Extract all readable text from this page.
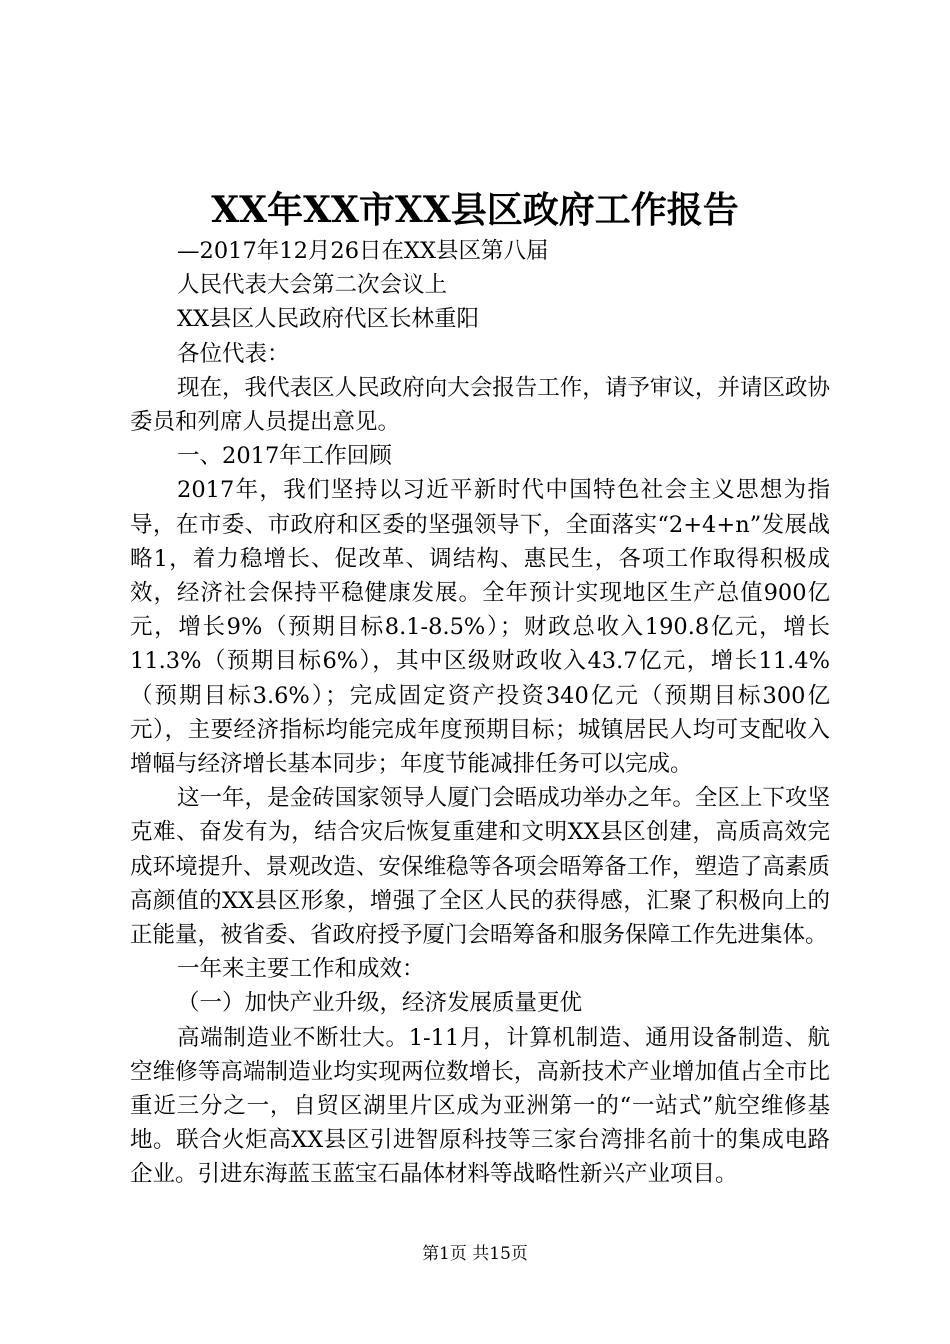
XX年XX市XX县区政府工作报告

—2017年12月26日在XX县区第八届

人民代表大会第二次会议上

XX县区人民政府代区长林重阳

各位代表：

现在，我代表区人民政府向大会报告工作，请予审议，并请区政协委员和列席人员提出意见。

一、2017年工作回顾

2017年，我们坚持以习近平新时代中国特色社会主义思想为指导，在市委、市政府和区委的坚强领导下，全面落实“2+4+n”发展战略1，着力稳增长、促改革、调结构、惠民生，各项工作取得积极成效，经济社会保持平稳健康发展。全年预计实现地区生产总值900亿元，增长9%（预期目标8.1-8.5%）；财政总收入190.8亿元，增长11.3%（预期目标6%），其中区级财政收入43.7亿元，增长11.4%（预期目标3.6%）；完成固定资产投资340亿元（预期目标300亿元），主要经济指标均能完成年度预期目标；城镇居民人均可支配收入增幅与经济增长基本同步；年度节能减排任务可以完成。

这一年，是金砖国家领导人厦门会晤成功举办之年。全区上下攻坚克难、奋发有为，结合灾后恢复重建和文明XX县区创建，高质高效完成环境提升、景观改造、安保维稳等各项会晤筹备工作，塑造了高素质高颜值的XX县区形象，增强了全区人民的获得感，汇聚了积极向上的正能量，被省委、省政府授予厦门会晤筹备和服务保障工作先进集体。

一年来主要工作和成效：

（一）加快产业升级，经济发展质量更优

高端制造业不断壮大。1-11月，计算机制造、通用设备制造、航空维修等高端制造业均实现两位数增长，高新技术产业增加值占全市比重近三分之一，自贸区湖里片区成为亚洲第一的“一站式”航空维修基地。联合火炬高XX县区引进智原科技等三家台湾排名前十的集成电路企业。引进东海蓝玉蓝宝石晶体材料等战略性新兴产业项目。

第1页 共15页
